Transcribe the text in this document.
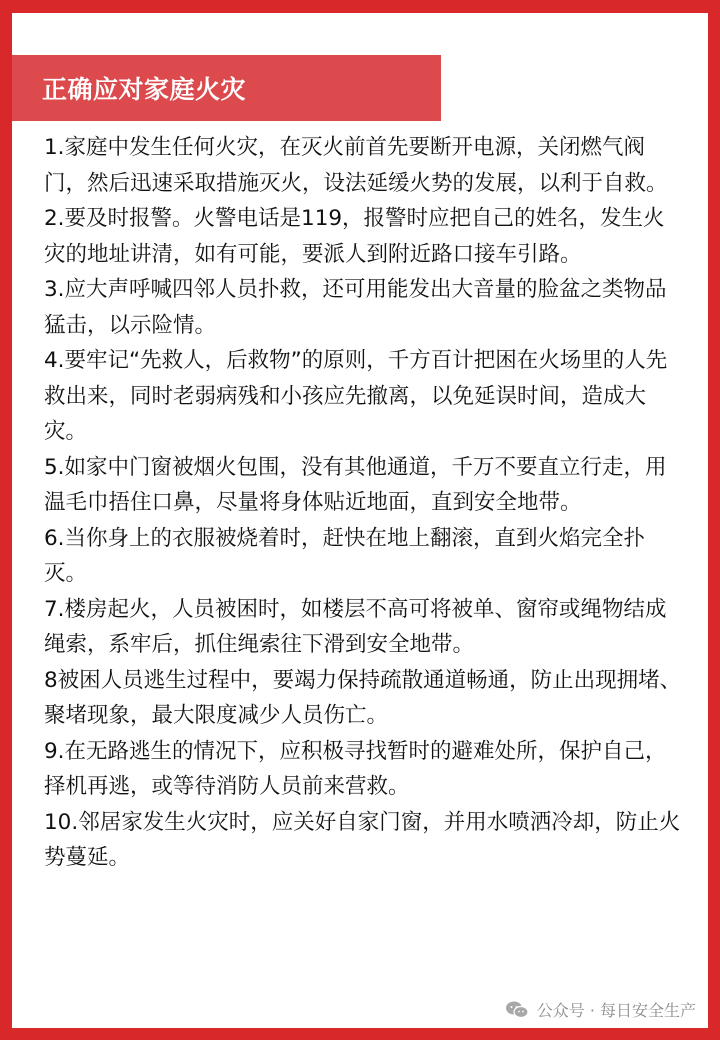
正确应对家庭火灾

1.家庭中发生任何火灾，在灭火前首先要断开电源，关闭燃气阀门，然后迅速采取措施灭火，设法延缓火势的发展，以利于自救。

2.要及时报警。火警电话是119，报警时应把自己的姓名，发生火灾的地址讲清，如有可能，要派人到附近路口接车引路。

3.应大声呼喊四邻人员扑救，还可用能发出大音量的脸盆之类物品猛击，以示险情。

4.要牢记“先救人，后救物”的原则，千方百计把困在火场里的人先救出来，同时老弱病残和小孩应先撤离，以免延误时间，造成大灾。

5.如家中门窗被烟火包围，没有其他通道，千万不要直立行走，用温毛巾捂住口鼻，尽量将身体贴近地面，直到安全地带。

6.当你身上的衣服被烧着时，赶快在地上翻滚，直到火焰完全扑灭。

7.楼房起火，人员被困时，如楼层不高可将被单、窗帘或绳物结成绳索，系牢后，抓住绳索往下滑到安全地带。

8被困人员逃生过程中，要竭力保持疏散通道畅通，防止出现拥堵、聚堵现象，最大限度减少人员伤亡。

9.在无路逃生的情况下，应积极寻找暂时的避难处所，保护自己，择机再逃，或等待消防人员前来营救。

10.邻居家发生火灾时，应关好自家门窗，并用水喷洒冷却，防止火势蔓延。

公众号 · 每日安全生产
